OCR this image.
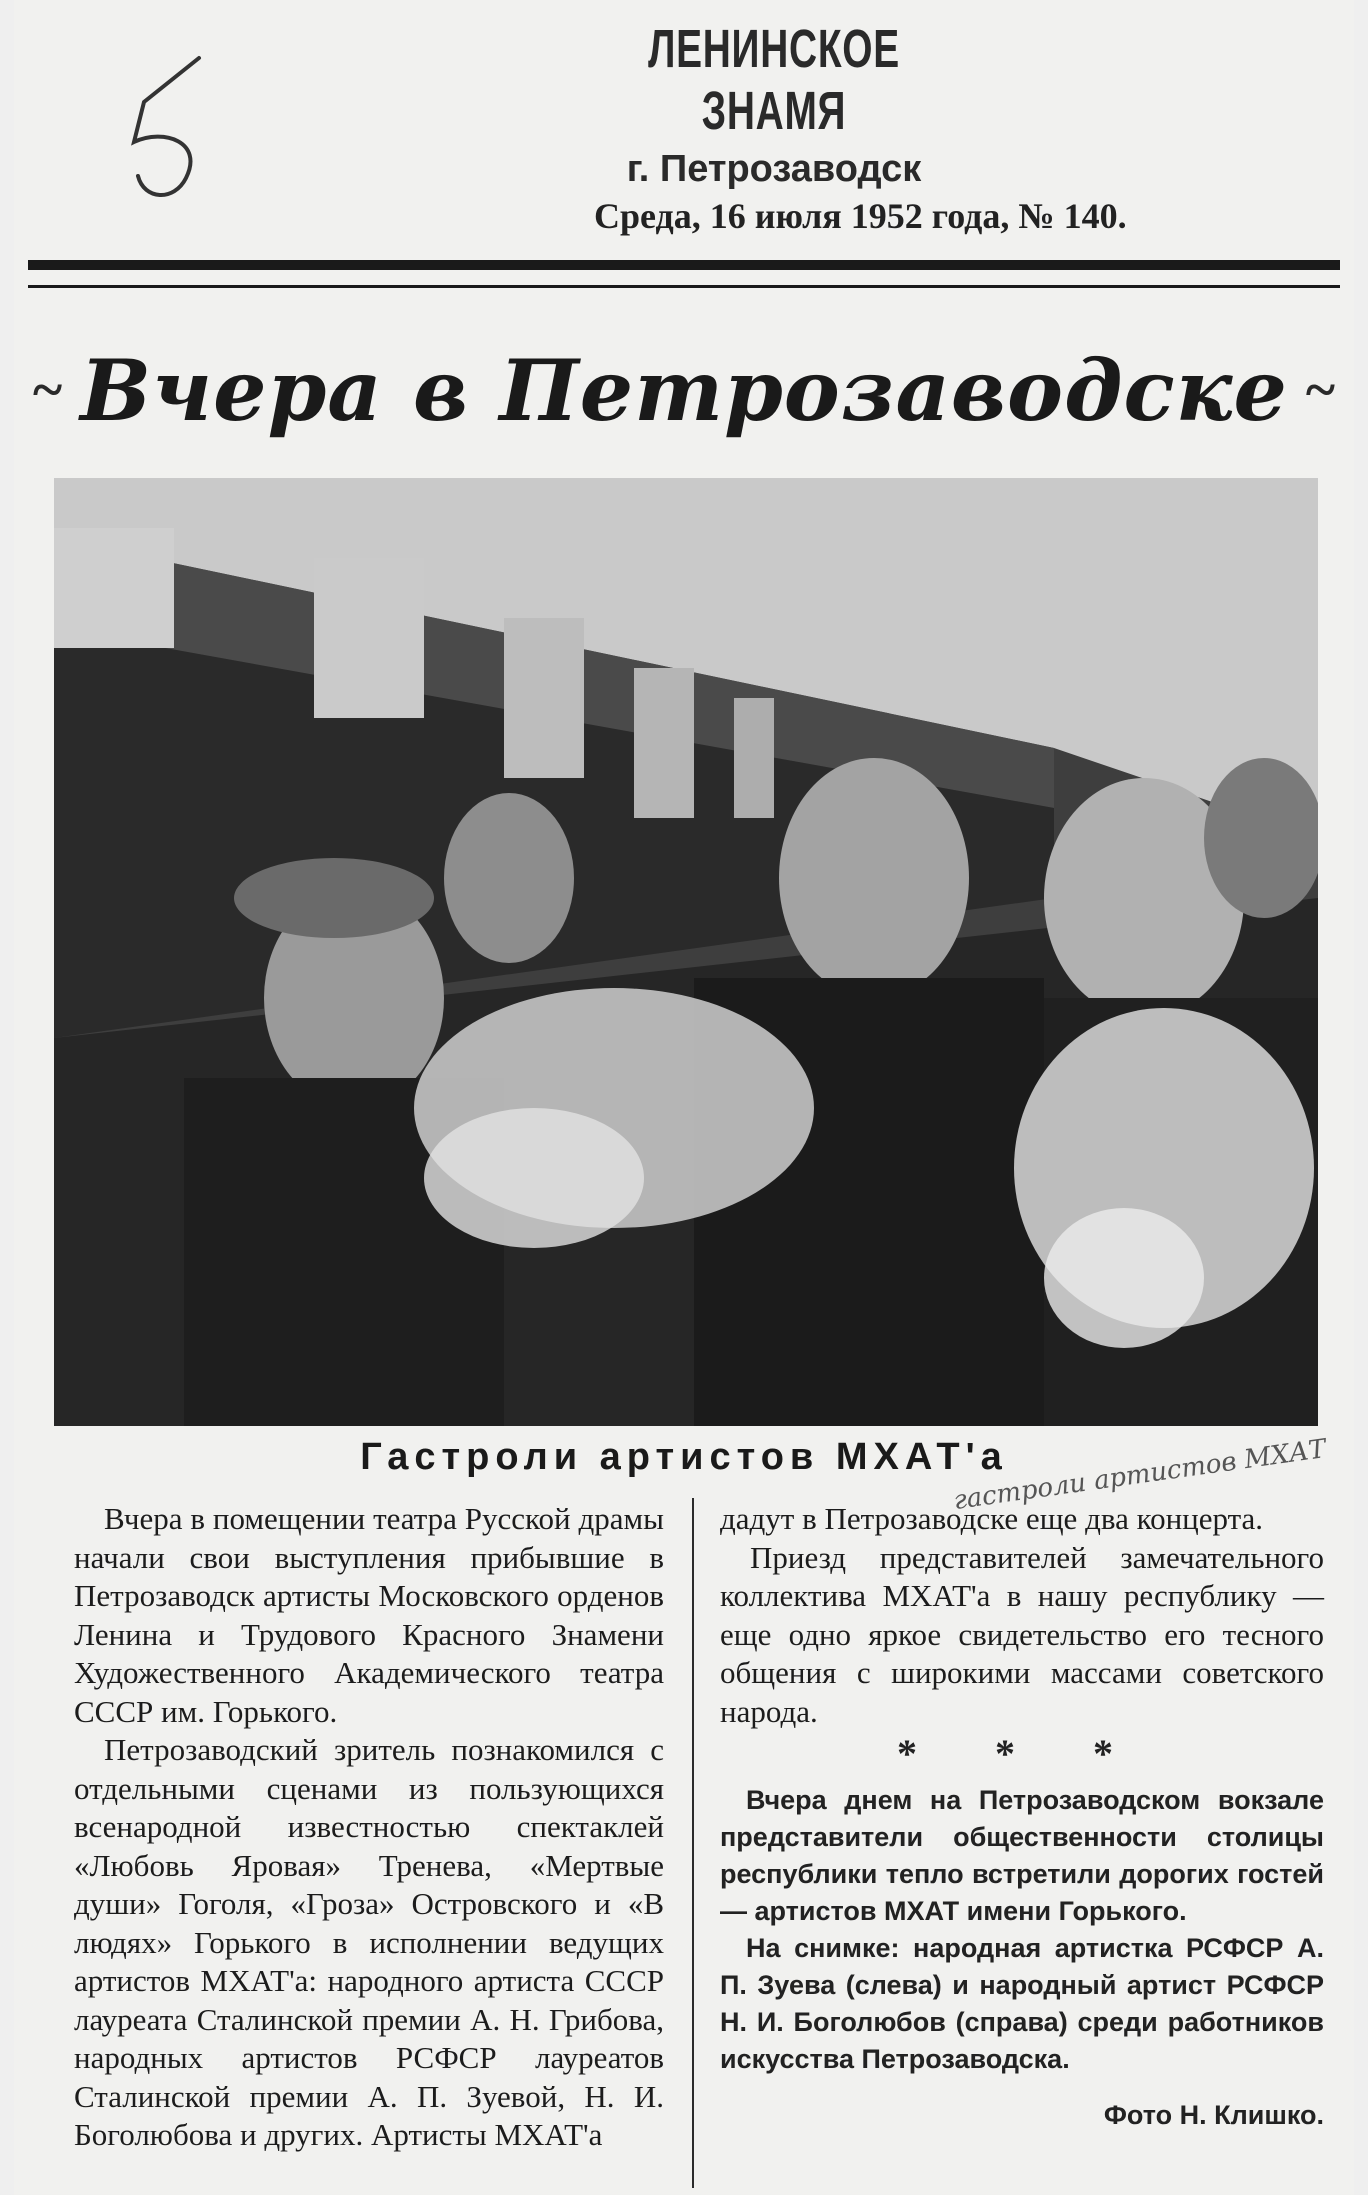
ЛЕНИНСКОЕ ЗНАМЯ
г. Петрозаводск
Среда, 16 июля 1952 года, № 140.
~ Вчера в Петрозаводске ~
Гастроли артистов МХАТ'а
гастроли артистов МХАТ

Вчера в помещении театра Русской драмы начали свои выступления прибывшие в Петрозаводск артисты Московского орденов Ленина и Трудового Красного Знамени Художественного Академического театра СССР им. Горького.

Петрозаводский зритель познакомился с отдельными сценами из пользующихся всенародной известностью спектаклей «Любовь Яровая» Тренева, «Мертвые души» Гоголя, «Гроза» Островского и «В людях» Горького в исполнении ведущих артистов МХАТ'а: народного артиста СССР лауреата Сталинской премии А. Н. Грибова, народных артистов РСФСР лауреатов Сталинской премии А. П. Зуевой, Н. И. Боголюбова и других. Артисты МХАТ'а

дадут в Петрозаводске еще два концерта.

Приезд представителей замечательного коллектива МХАТ'а в нашу республику — еще одно яркое свидетельство его тесного общения с широкими массами советского народа.

* * *

Вчера днем на Петрозаводском вокзале представители общественности столицы республики тепло встретили дорогих гостей — артистов МХАТ имени Горького.

На снимке: народная артистка РСФСР А. П. Зуева (слева) и народный артист РСФСР Н. И. Боголюбов (справа) среди работников искусства Петрозаводска.

Фото Н. Клишко.
